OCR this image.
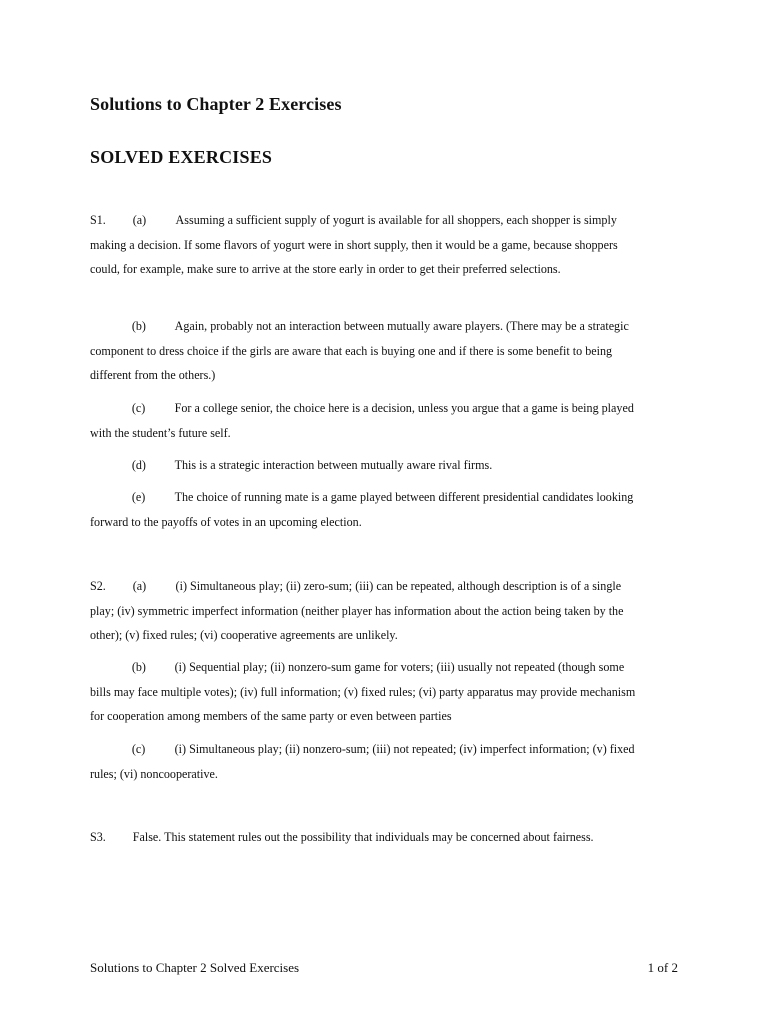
Solutions to Chapter 2 Exercises
SOLVED EXERCISES
S1. (a) Assuming a sufficient supply of yogurt is available for all shoppers, each shopper is simply making a decision. If some flavors of yogurt were in short supply, then it would be a game, because shoppers could, for example, make sure to arrive at the store early in order to get their preferred selections.
(b) Again, probably not an interaction between mutually aware players. (There may be a strategic component to dress choice if the girls are aware that each is buying one and if there is some benefit to being different from the others.)
(c) For a college senior, the choice here is a decision, unless you argue that a game is being played with the student’s future self.
(d) This is a strategic interaction between mutually aware rival firms.
(e) The choice of running mate is a game played between different presidential candidates looking forward to the payoffs of votes in an upcoming election.
S2. (a) (i) Simultaneous play; (ii) zero-sum; (iii) can be repeated, although description is of a single play; (iv) symmetric imperfect information (neither player has information about the action being taken by the other); (v) fixed rules; (vi) cooperative agreements are unlikely.
(b) (i) Sequential play; (ii) nonzero-sum game for voters; (iii) usually not repeated (though some bills may face multiple votes); (iv) full information; (v) fixed rules; (vi) party apparatus may provide mechanism for cooperation among members of the same party or even between parties
(c) (i) Simultaneous play; (ii) nonzero-sum; (iii) not repeated; (iv) imperfect information; (v) fixed rules; (vi) noncooperative.
S3. False. This statement rules out the possibility that individuals may be concerned about fairness.
Solutions to Chapter 2 Solved Exercises	1 of 2
